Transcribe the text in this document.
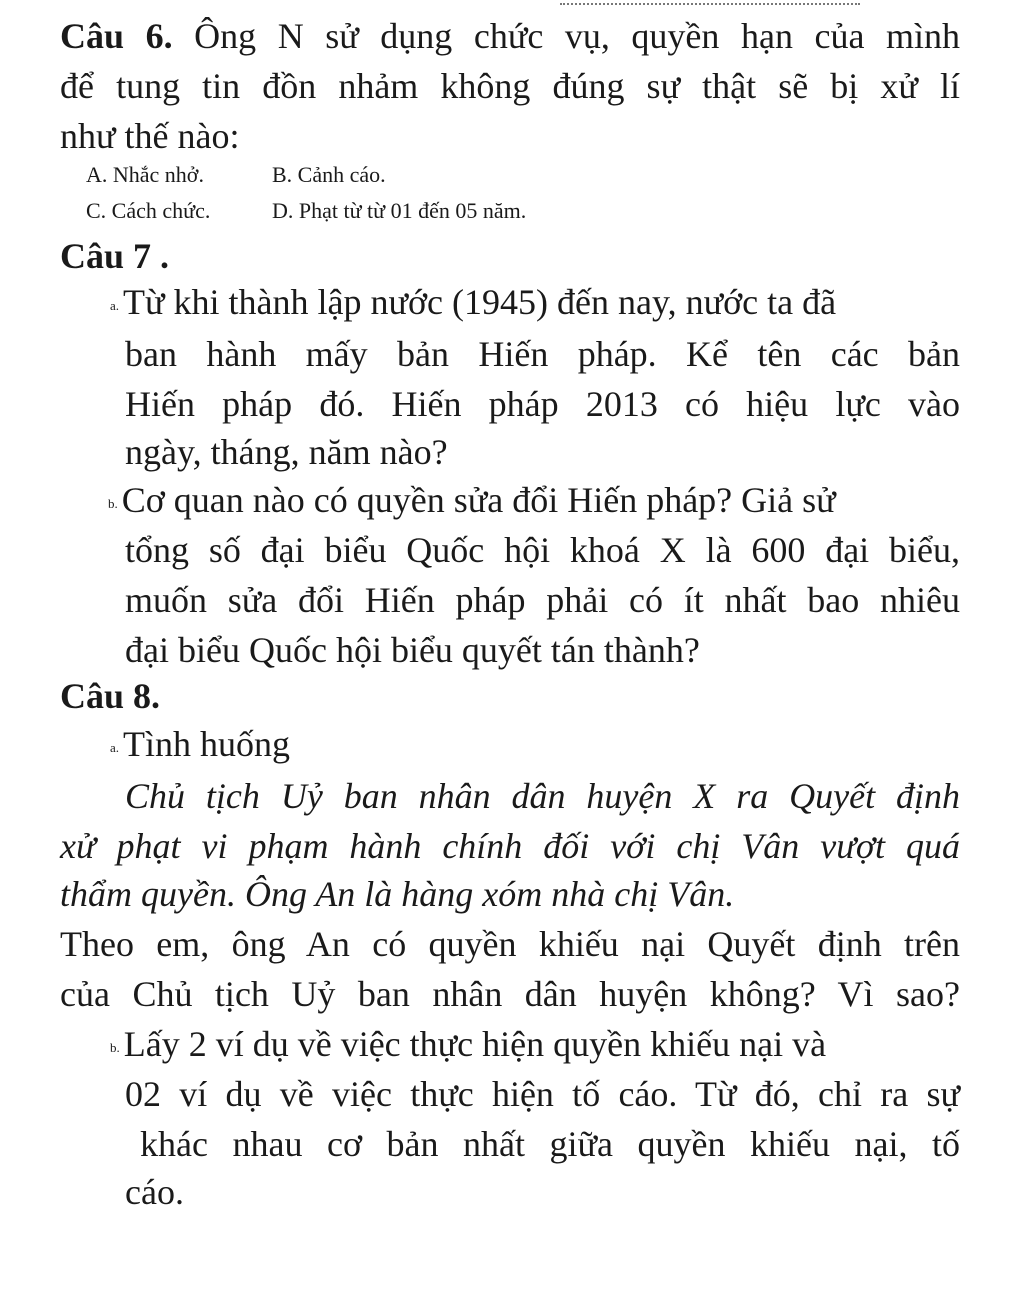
Câu 6. Ông N sử dụng chức vụ, quyền hạn của mình
để tung tin đồn nhảm không đúng sự thật sẽ bị xử lí
như thế nào:
A. Nhắc nhở.	B. Cảnh cáo.
C. Cách chức.	D. Phạt từ từ 01 đến 05 năm.
Câu 7 .
a. Từ khi thành lập nước (1945) đến nay, nước ta đã
ban hành mấy bản Hiến pháp. Kể tên các bản
Hiến pháp đó. Hiến pháp 2013 có hiệu lực vào
ngày, tháng, năm nào?
b. Cơ quan nào có quyền sửa đổi Hiến pháp? Giả sử
tổng số đại biểu Quốc hội khoá X là 600 đại biểu,
muốn sửa đổi Hiến pháp phải có ít nhất bao nhiêu
đại biểu Quốc hội biểu quyết tán thành?
Câu 8.
a. Tình huống
Chủ tịch Uỷ ban nhân dân huyện X ra Quyết định
xử phạt vi phạm hành chính đối với chị Vân vượt quá
thẩm quyền. Ông An là hàng xóm nhà chị Vân.
Theo em, ông An có quyền khiếu nại Quyết định trên
của Chủ tịch Uỷ ban nhân dân huyện không? Vì sao?
b. Lấy 2 ví dụ về việc thực hiện quyền khiếu nại và
02 ví dụ về việc thực hiện tố cáo. Từ đó, chỉ ra sự
khác nhau cơ bản nhất giữa quyền khiếu nại, tố
cáo.
